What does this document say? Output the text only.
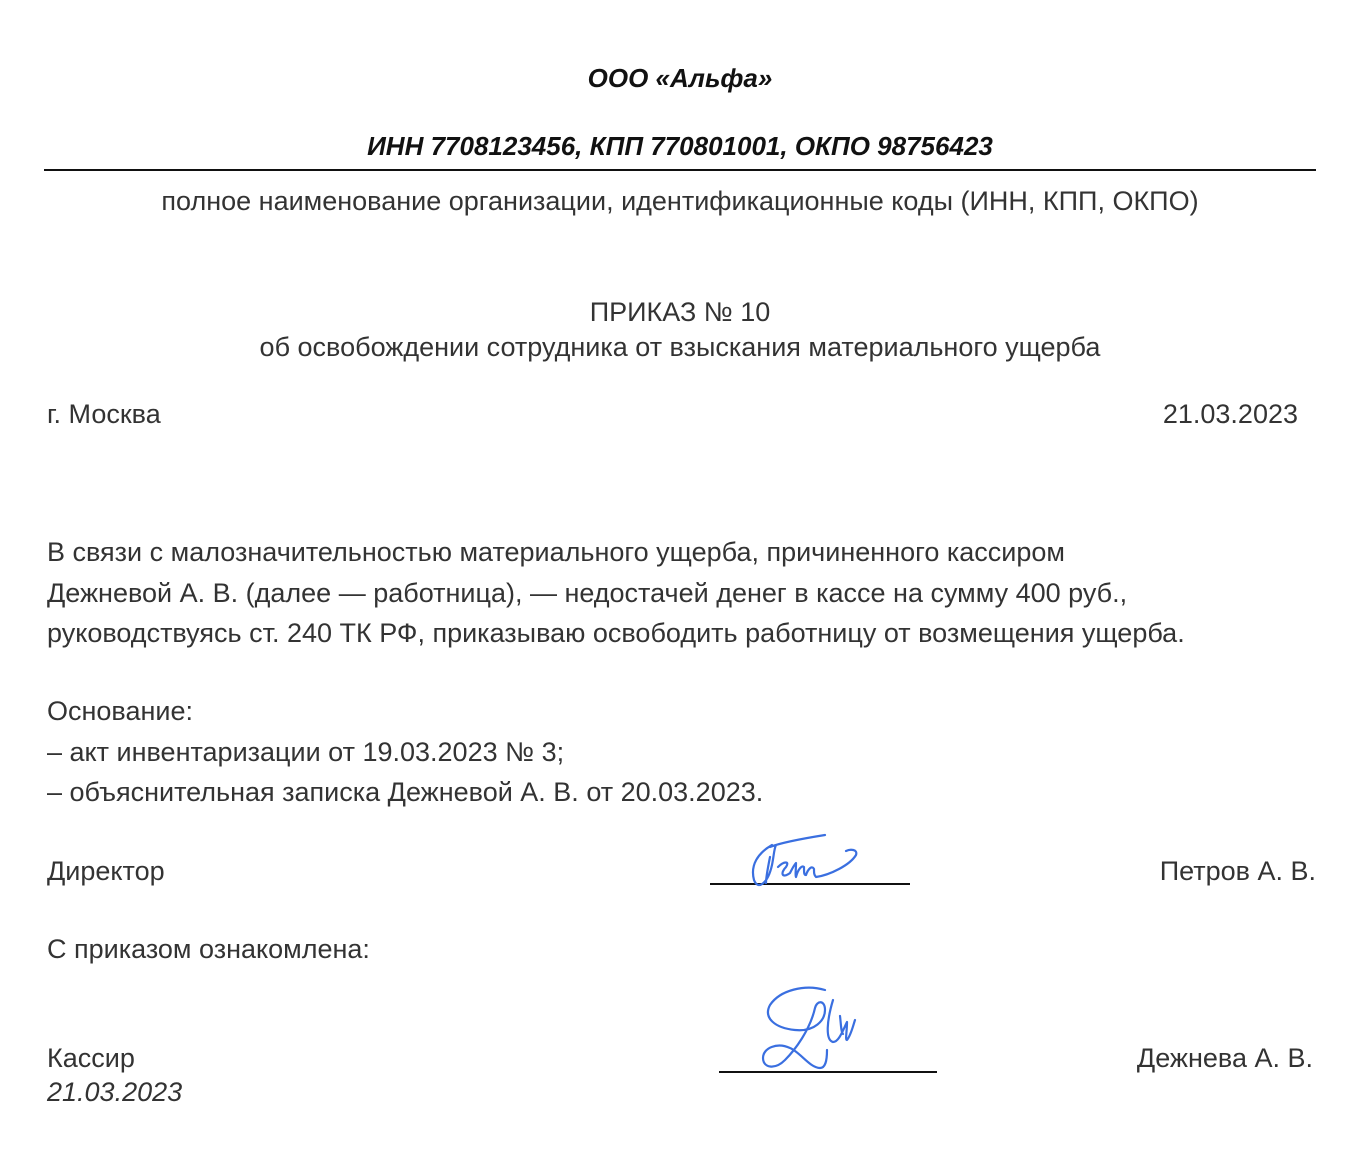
ООО «Альфа»
ИНН 7708123456, КПП 770801001, ОКПО 98756423
полное наименование организации, идентификационные коды (ИНН, КПП, ОКПО)
ПРИКАЗ № 10
об освобождении сотрудника от взыскания материального ущерба
г. Москва	21.03.2023
В связи с малозначительностью материального ущерба, причиненного кассиром
Дежневой А. В. (далее — работница), — недостачей денег в кассе на сумму 400 руб.,
руководствуясь ст. 240 ТК РФ, приказываю освободить работницу от возмещения ущерба.
Основание:
– акт инвентаризации от 19.03.2023 № 3;
– объяснительная записка Дежневой А. В. от 20.03.2023.
Директор	Петров А. В.
С приказом ознакомлена:
Кассир
21.03.2023
Дежнева А. В.
